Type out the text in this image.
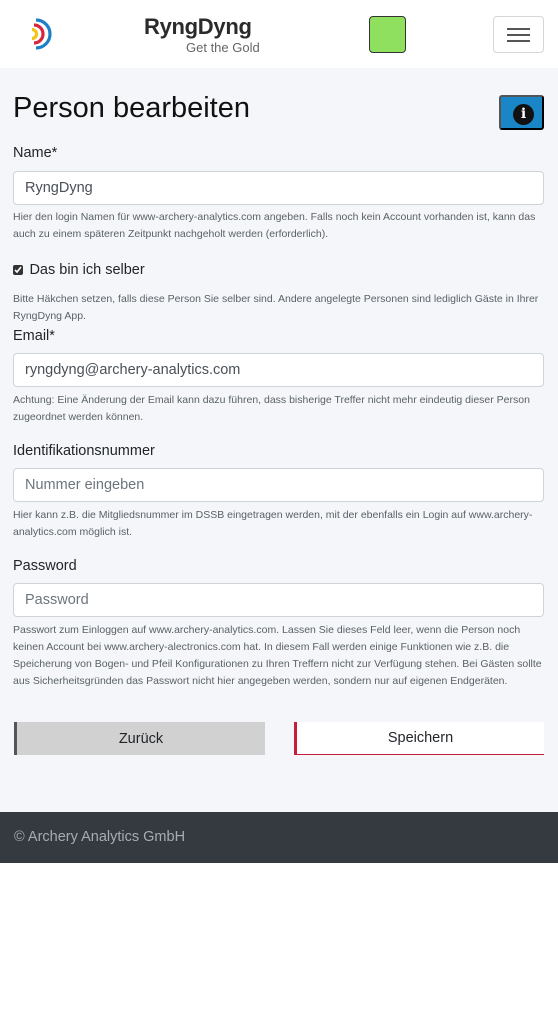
RyngDyng
Get the Gold
Person bearbeiten	i
Name*
RyngDyng
Hier den login Namen für www-archery-analytics.com angeben. Falls noch kein Account vorhanden ist, kann das auch zu einem späteren Zeitpunkt nachgeholt werden (erforderlich).
Das bin ich selber
Bitte Häkchen setzen, falls diese Person Sie selber sind. Andere angelegte Personen sind lediglich Gäste in Ihrer RyngDyng App.
Email*
ryngdyng@archery-analytics.com
Achtung: Eine Änderung der Email kann dazu führen, dass bisherige Treffer nicht mehr eindeutig dieser Person zugeordnet werden können.
Identifikationsnummer
Nummer eingeben
Hier kann z.B. die Mitgliedsnummer im DSSB eingetragen werden, mit der ebenfalls ein Login auf www.archery-analytics.com möglich ist.
Password
Passwort zum Einloggen auf www.archery-analytics.com. Lassen Sie dieses Feld leer, wenn die Person noch keinen Account bei www.archery-alectronics.com hat. In diesem Fall werden einige Funktionen wie z.B. die Speicherung von Bogen- und Pfeil Konfigurationen zu Ihren Treffern nicht zur Verfügung stehen. Bei Gästen sollte aus Sicherheitsgründen das Passwort nicht hier angegeben werden, sondern nur auf eigenen Endgeräten.
Zurück	Speichern
© Archery Analytics GmbH
